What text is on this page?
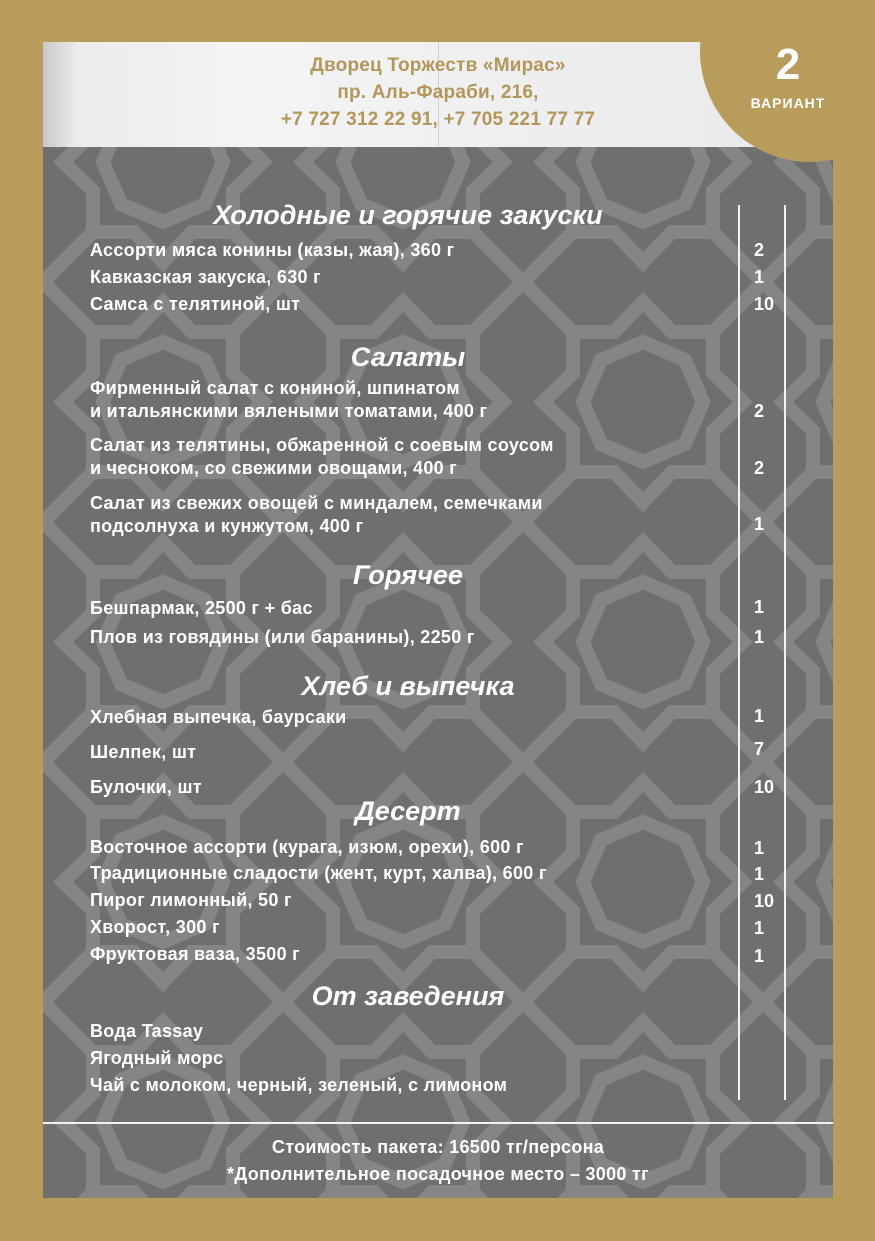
Дворец Торжеств «Мирас»
пр. Аль-Фараби, 216,
+7 727 312 22 91, +7 705 221 77 77
2
ВАРИАНТ
Холодные и горячие закуски
Ассорти мяса конины (казы, жая), 360 г	2
Кавказская закуска, 630 г	1
Самса с телятиной, шт	10
Салаты
Фирменный салат с кониной, шпинатом
и итальянскими вялеными томатами, 400 г	2
Салат из телятины, обжаренной с соевым соусом
и чесноком, со свежими овощами, 400 г	2
Салат из свежих овощей с миндалем, семечками
подсолнуха и кунжутом, 400 г	1
Горячее
Бешпармак, 2500 г + бас	1
Плов из говядины (или баранины), 2250 г	1
Хлеб и выпечка
Хлебная выпечка, баурсаки	1
Шелпек, шт	7
Булочки, шт	10
Десерт
Восточное ассорти (курага, изюм, орехи), 600 г	1
Традиционные сладости (жент, курт, халва), 600 г	1
Пирог лимонный, 50 г	10
Хворост, 300 г	1
Фруктовая ваза, 3500 г	1
От заведения
Вода Tassay
Ягодный морс
Чай с молоком, черный, зеленый, с лимоном
Стоимость пакета: 16500 тг/персона
*Дополнительное посадочное место – 3000 тг
